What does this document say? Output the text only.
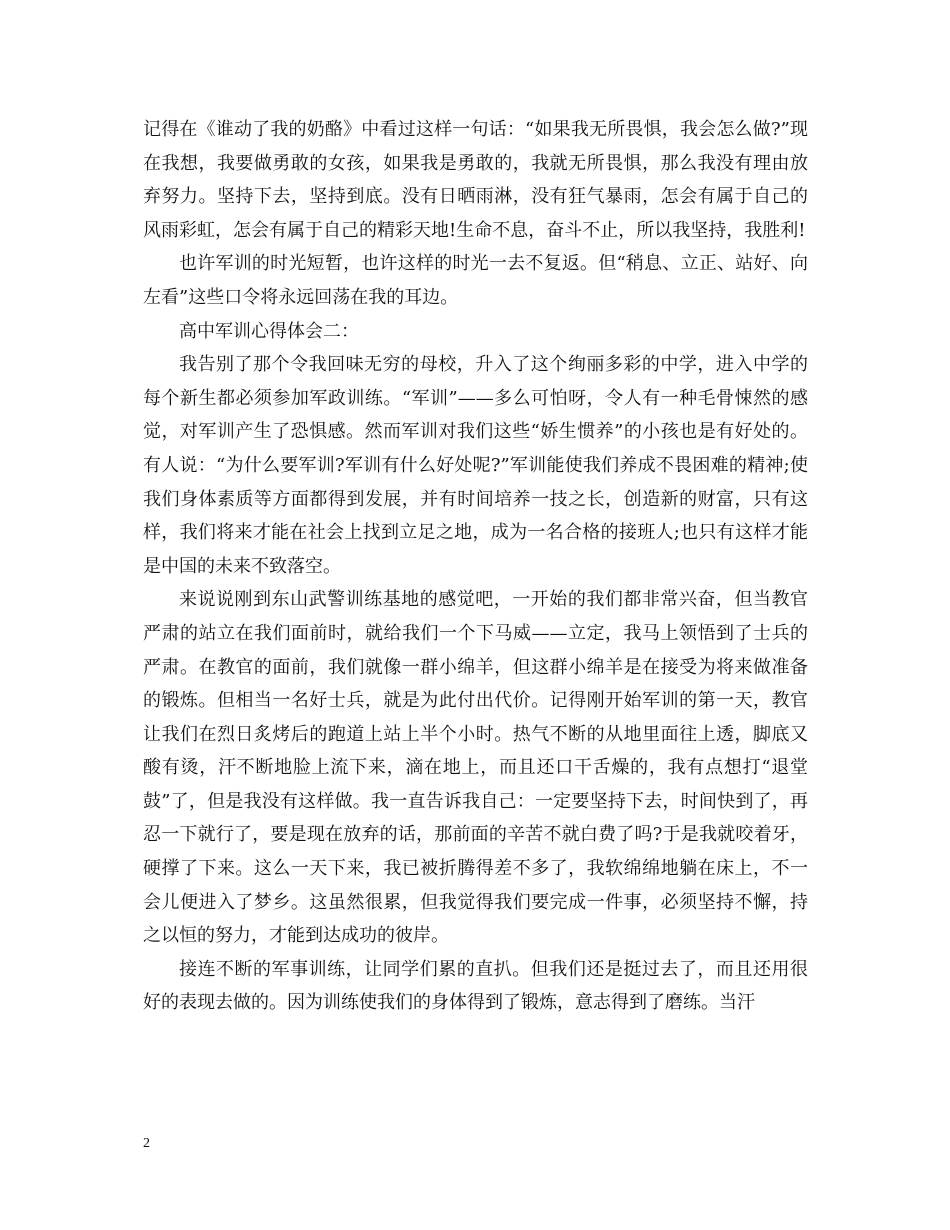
记得在《谁动了我的奶酪》中看过这样一句话：“如果我无所畏惧，我会怎么做?”现在我想，我要做勇敢的女孩，如果我是勇敢的，我就无所畏惧，那么我没有理由放弃努力。坚持下去，坚持到底。没有日晒雨淋，没有狂气暴雨，怎会有属于自己的风雨彩虹，怎会有属于自己的精彩天地!生命不息，奋斗不止，所以我坚持，我胜利!

也许军训的时光短暂，也许这样的时光一去不复返。但“稍息、立正、站好、向左看”这些口令将永远回荡在我的耳边。

高中军训心得体会二：

我告别了那个令我回味无穷的母校，升入了这个绚丽多彩的中学，进入中学的每个新生都必须参加军政训练。“军训”——多么可怕呀，令人有一种毛骨悚然的感觉，对军训产生了恐惧感。然而军训对我们这些“娇生惯养”的小孩也是有好处的。有人说：“为什么要军训?军训有什么好处呢?”军训能使我们养成不畏困难的精神;使我们身体素质等方面都得到发展，并有时间培养一技之长，创造新的财富，只有这样，我们将来才能在社会上找到立足之地，成为一名合格的接班人;也只有这样才能是中国的未来不致落空。

来说说刚到东山武警训练基地的感觉吧，一开始的我们都非常兴奋，但当教官严肃的站立在我们面前时，就给我们一个下马威——立定，我马上领悟到了士兵的严肃。在教官的面前，我们就像一群小绵羊，但这群小绵羊是在接受为将来做准备的锻炼。但相当一名好士兵，就是为此付出代价。记得刚开始军训的第一天，教官让我们在烈日炙烤后的跑道上站上半个小时。热气不断的从地里面往上透，脚底又酸有烫，汗不断地脸上流下来，滴在地上，而且还口干舌燥的，我有点想打“退堂鼓”了，但是我没有这样做。我一直告诉我自己：一定要坚持下去，时间快到了，再忍一下就行了，要是现在放弃的话，那前面的辛苦不就白费了吗?于是我就咬着牙，硬撑了下来。这么一天下来，我已被折腾得差不多了，我软绵绵地躺在床上，不一会儿便进入了梦乡。这虽然很累，但我觉得我们要完成一件事，必须坚持不懈，持之以恒的努力，才能到达成功的彼岸。

接连不断的军事训练，让同学们累的直扒。但我们还是挺过去了，而且还用很好的表现去做的。因为训练使我们的身体得到了锻炼，意志得到了磨练。当汗

2
